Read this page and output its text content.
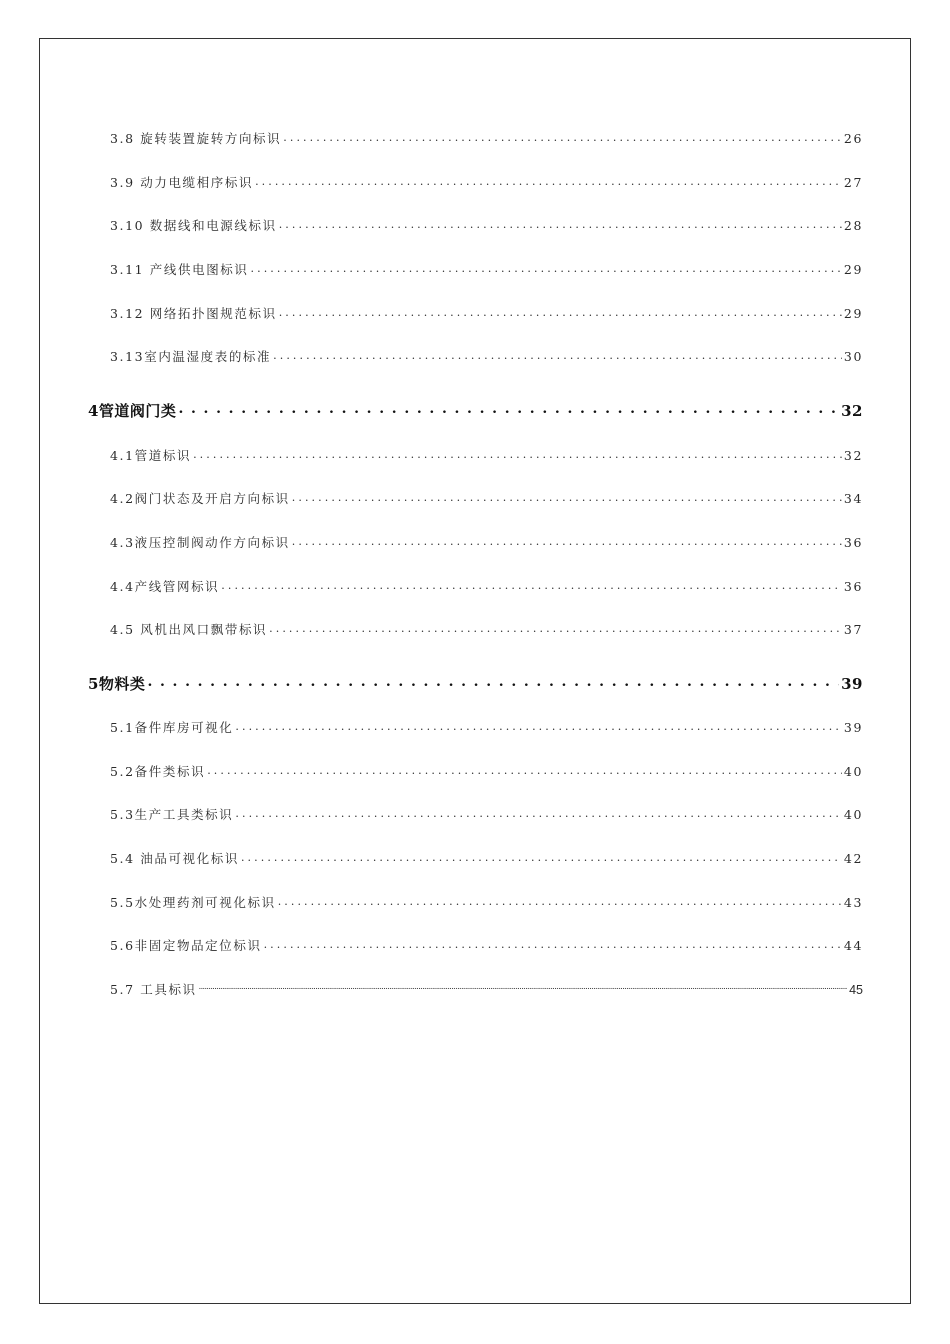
3.8 旋转装置旋转方向标识 . . .	26
3.9 动力电缆相序标识 . . .	27
3.10 数据线和电源线标识 . . .	28
3.11 产线供电图标识 . . .	29
3.12 网络拓扑图规范标识 . . .	29
3.13室内温湿度表的标准 . . .	30
4管道阀门类 . . .	32
4.1管道标识 . . .	32
4.2阀门状态及开启方向标识 . . .	34
4.3液压控制阀动作方向标识 . . .	36
4.4产线管网标识 . . .	36
4.5 风机出风口飘带标识 . . .	37
5物料类 . . .	39
5.1备件库房可视化 . . .	39
5.2备件类标识 . . .	40
5.3生产工具类标识 . . .	40
5.4 油品可视化标识 . . .	42
5.5水处理药剂可视化标识 . . .	43
5.6非固定物品定位标识 . . .	44
5.7 工具标识 .....	45
